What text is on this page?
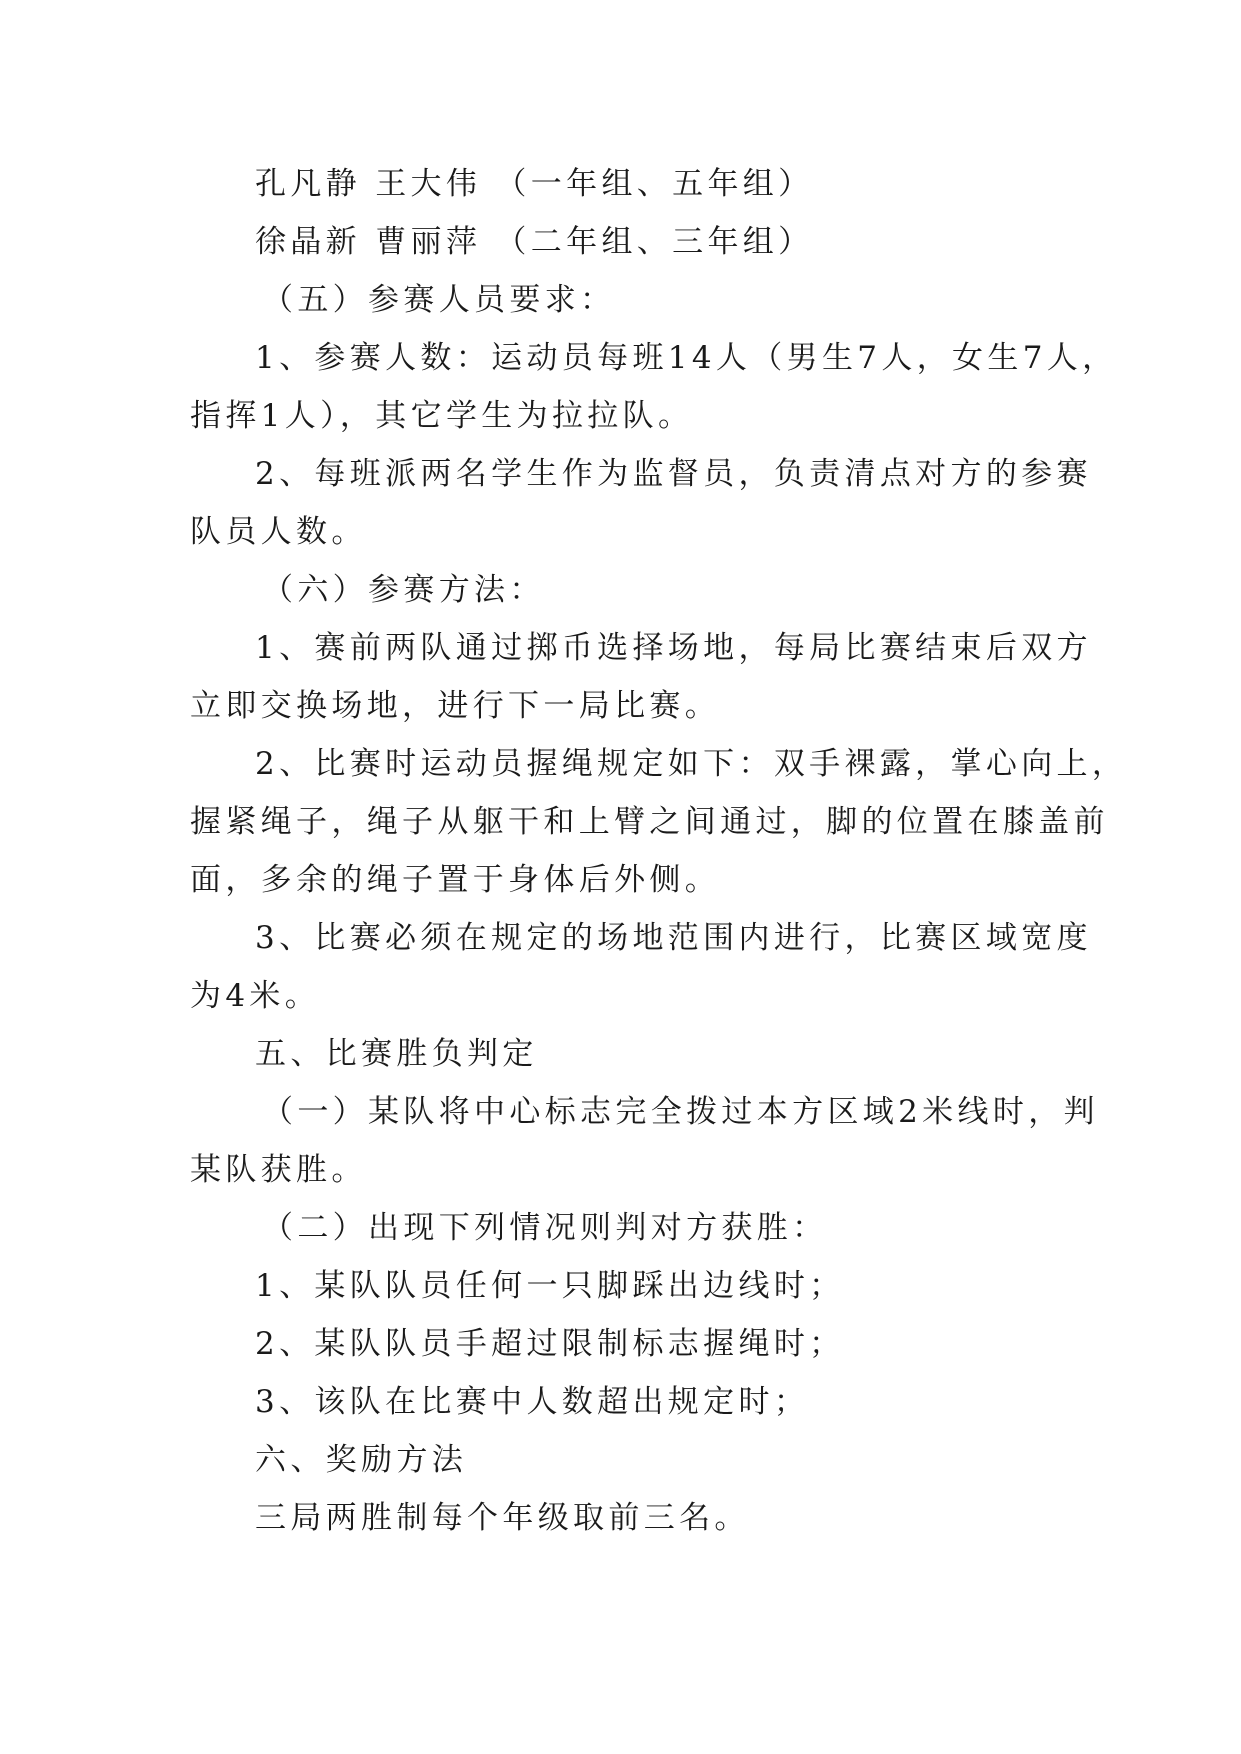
孔凡静 王大伟 （一年组、五年组）
徐晶新 曹丽萍 （二年组、三年组）
（五）参赛人员要求：
1、参赛人数：运动员每班14人（男生7人，女生7人，
指挥1人），其它学生为拉拉队。
2、每班派两名学生作为监督员，负责清点对方的参赛
队员人数。
（六）参赛方法：
1、赛前两队通过掷币选择场地，每局比赛结束后双方
立即交换场地，进行下一局比赛。
2、比赛时运动员握绳规定如下：双手裸露，掌心向上，
握紧绳子，绳子从躯干和上臂之间通过，脚的位置在膝盖前
面，多余的绳子置于身体后外侧。
3、比赛必须在规定的场地范围内进行，比赛区域宽度
为4米。
五、比赛胜负判定
（一）某队将中心标志完全拨过本方区域2米线时，判
某队获胜。
（二）出现下列情况则判对方获胜：
1、某队队员任何一只脚踩出边线时；
2、某队队员手超过限制标志握绳时；
3、该队在比赛中人数超出规定时；
六、奖励方法
三局两胜制每个年级取前三名。
